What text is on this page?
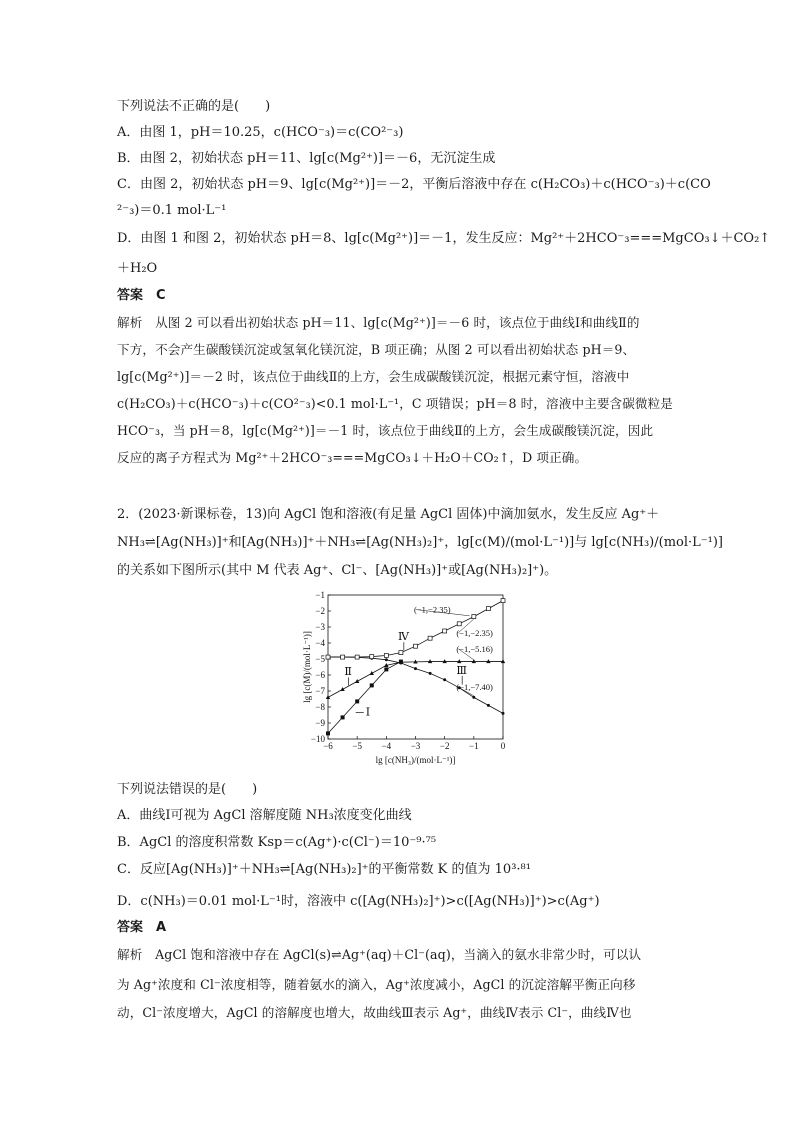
下列说法不正确的是(　　)
A．由图 1，pH＝10.25，c(HCO⁻₃)＝c(CO²⁻₃)
B．由图 2，初始状态 pH＝11、lg[c(Mg²⁺)]＝－6，无沉淀生成
C．由图 2，初始状态 pH＝9、lg[c(Mg²⁺)]＝－2，平衡后溶液中存在 c(H₂CO₃)＋c(HCO⁻₃)＋c(CO
²⁻₃)＝0.1 mol·L⁻¹
D．由图 1 和图 2，初始状态 pH＝8、lg[c(Mg²⁺)]＝－1，发生反应：Mg²⁺＋2HCO⁻₃===MgCO₃↓＋CO₂↑
＋H₂O
答案　C
解析　从图 2 可以看出初始状态 pH＝11、lg[c(Mg²⁺)]＝－6 时，该点位于曲线Ⅰ和曲线Ⅱ的
下方，不会产生碳酸镁沉淀或氢氧化镁沉淀，B 项正确；从图 2 可以看出初始状态 pH＝9、
lg[c(Mg²⁺)]＝－2 时，该点位于曲线Ⅱ的上方，会生成碳酸镁沉淀，根据元素守恒，溶液中
c(H₂CO₃)＋c(HCO⁻₃)＋c(CO²⁻₃)<0.1 mol·L⁻¹，C 项错误；pH＝8 时，溶液中主要含碳微粒是
HCO⁻₃，当 pH＝8，lg[c(Mg²⁺)]＝－1 时，该点位于曲线Ⅱ的上方，会生成碳酸镁沉淀，因此
反应的离子方程式为 Mg²⁺＋2HCO⁻₃===MgCO₃↓＋H₂O＋CO₂↑，D 项正确。
2．(2023·新课标卷，13)向 AgCl 饱和溶液(有足量 AgCl 固体)中滴加氨水，发生反应 Ag⁺＋
NH₃⇌[Ag(NH₃)]⁺和[Ag(NH₃)]⁺＋NH₃⇌[Ag(NH₃)₂]⁺，lg[c(M)/(mol·L⁻¹)]与 lg[c(NH₃)/(mol·L⁻¹)]
的关系如下图所示(其中 M 代表 Ag⁺、Cl⁻、[Ag(NH₃)]⁺或[Ag(NH₃)₂]⁺)。
−6 −5 −4 −3 −2 −1 0
−1
−2
−3
−4
−5
−6
−7
−8
−9
−10
lg [c(NH₃)/(mol·L⁻¹)]
lg [c(M)/(mol·L⁻¹)]
Ⅰ
Ⅱ	Ⅲ
Ⅳ
(−1,−2.35)
(−1,−2.35)
(−1,−5.16)
(−1,−7.40)
下列说法错误的是(　　)
A．曲线Ⅰ可视为 AgCl 溶解度随 NH₃浓度变化曲线
B．AgCl 的溶度积常数 Ksp＝c(Ag⁺)·c(Cl⁻)＝10⁻⁹·⁷⁵
C．反应[Ag(NH₃)]⁺＋NH₃⇌[Ag(NH₃)₂]⁺的平衡常数 K 的值为 10³·⁸¹
D．c(NH₃)＝0.01 mol·L⁻¹时，溶液中 c([Ag(NH₃)₂]⁺)>c([Ag(NH₃)]⁺)>c(Ag⁺)
答案　A
解析　AgCl 饱和溶液中存在 AgCl(s)⇌Ag⁺(aq)＋Cl⁻(aq)，当滴入的氨水非常少时，可以认
为 Ag⁺浓度和 Cl⁻浓度相等，随着氨水的滴入，Ag⁺浓度减小，AgCl 的沉淀溶解平衡正向移
动，Cl⁻浓度增大，AgCl 的溶解度也增大，故曲线Ⅲ表示 Ag⁺，曲线Ⅳ表示 Cl⁻，曲线Ⅳ也
